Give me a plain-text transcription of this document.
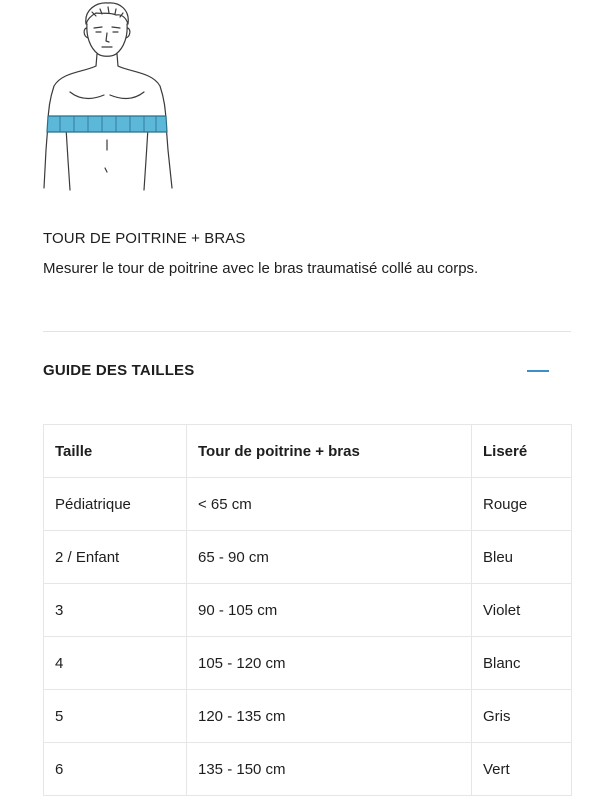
TOUR DE POITRINE + BRAS
Mesurer le tour de poitrine avec le bras traumatisé collé au corps.
GUIDE DES TAILLES
Taille	Tour de poitrine + bras	Liseré
Pédiatrique	< 65 cm	Rouge
2 / Enfant	65 - 90 cm	Bleu
3	90 - 105 cm	Violet
4	105 - 120 cm	Blanc
5	120 - 135 cm	Gris
6	135 - 150 cm	Vert
